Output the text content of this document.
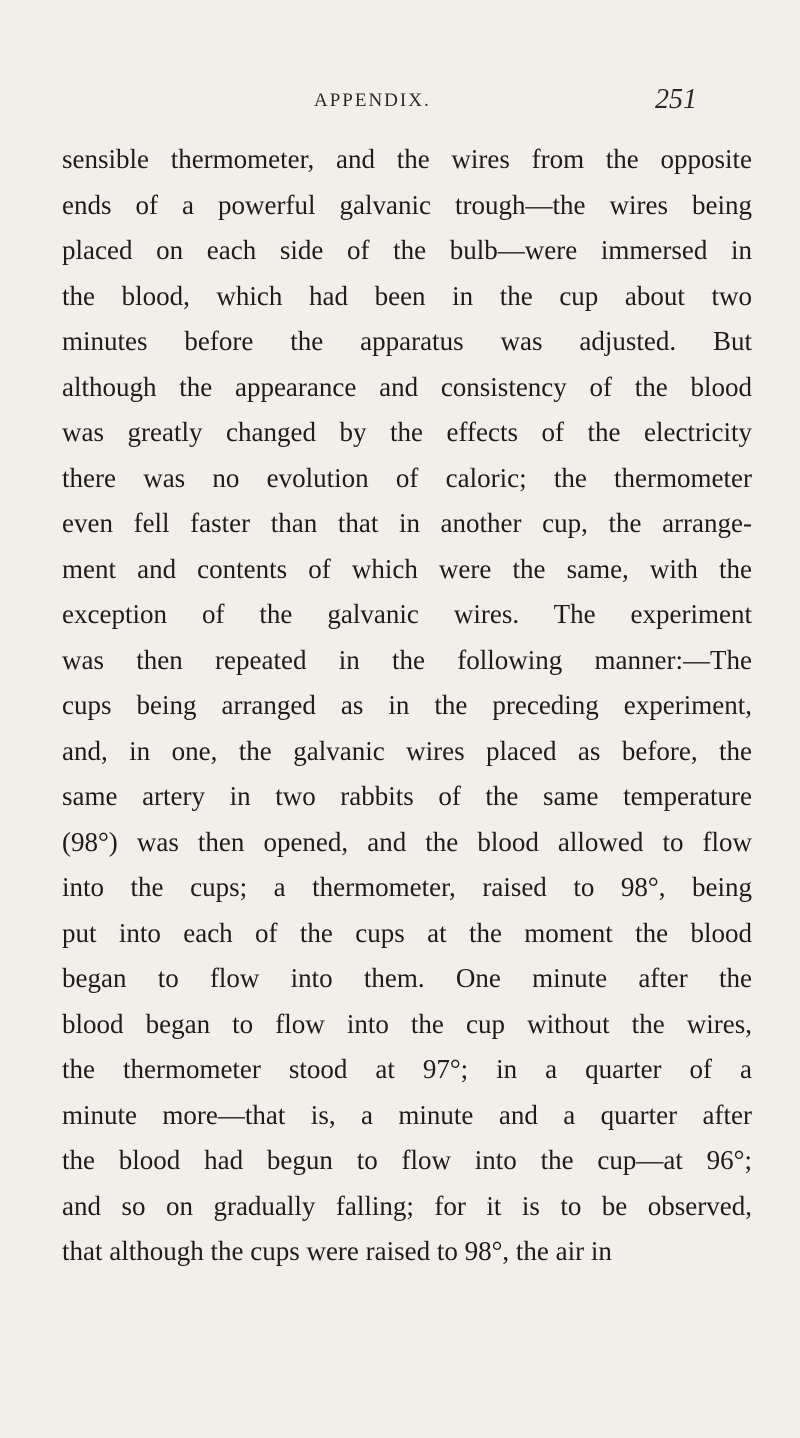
APPENDIX.	251
sensible thermometer, and the wires from the opposite
ends of a powerful galvanic trough—the wires being
placed on each side of the bulb—were immersed in
the blood, which had been in the cup about two
minutes before the apparatus was adjusted. But
although the appearance and consistency of the blood
was greatly changed by the effects of the electricity
there was no evolution of caloric; the thermometer
even fell faster than that in another cup, the arrange-
ment and contents of which were the same, with the
exception of the galvanic wires. The experiment
was then repeated in the following manner:—The
cups being arranged as in the preceding experiment,
and, in one, the galvanic wires placed as before, the
same artery in two rabbits of the same temperature
(98°) was then opened, and the blood allowed to flow
into the cups; a thermometer, raised to 98°, being
put into each of the cups at the moment the blood
began to flow into them. One minute after the
blood began to flow into the cup without the wires,
the thermometer stood at 97°; in a quarter of a
minute more—that is, a minute and a quarter after
the blood had begun to flow into the cup—at 96°;
and so on gradually falling; for it is to be observed,
that although the cups were raised to 98°, the air in
